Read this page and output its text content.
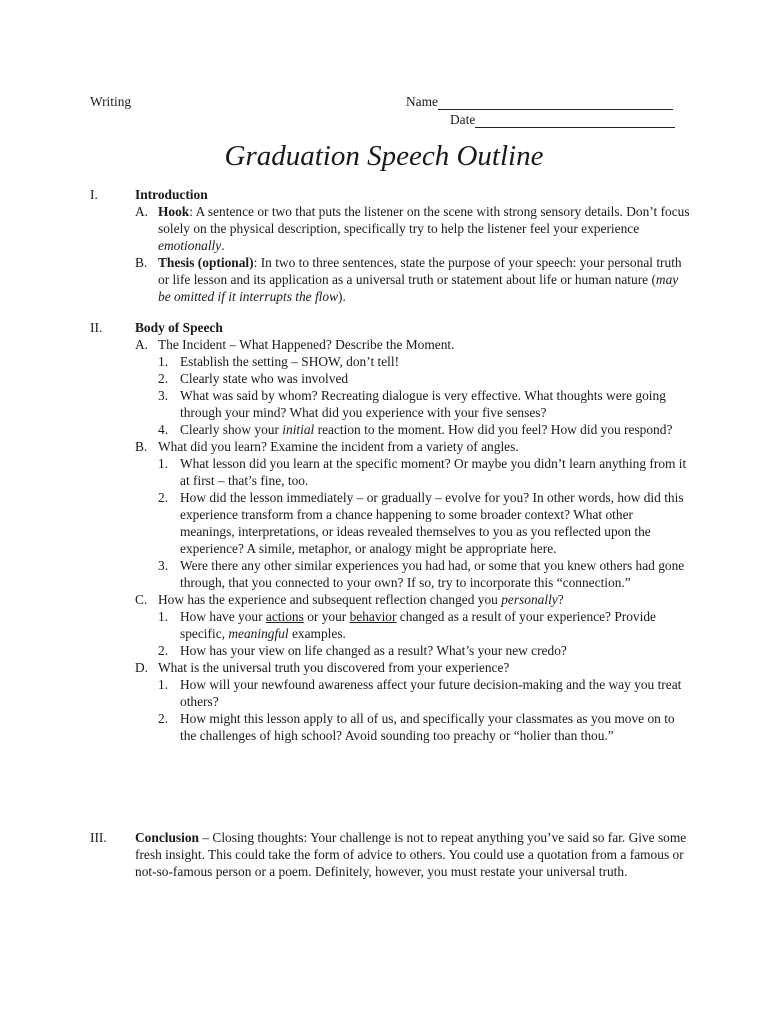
Writing	Name
Date
Graduation Speech Outline
I.	Introduction
A. Hook: A sentence or two that puts the listener on the scene with strong sensory details. Don’t focus solely on the physical description, specifically try to help the listener feel your experience emotionally.
B. Thesis (optional): In two to three sentences, state the purpose of your speech: your personal truth or life lesson and its application as a universal truth or statement about life or human nature (may be omitted if it interrupts the flow).
II. Body of Speech
A. The Incident – What Happened? Describe the Moment.
1. Establish the setting – SHOW, don’t tell!
2. Clearly state who was involved
3. What was said by whom? Recreating dialogue is very effective. What thoughts were going through your mind? What did you experience with your five senses?
4. Clearly show your initial reaction to the moment. How did you feel? How did you respond?
B. What did you learn? Examine the incident from a variety of angles.
1. What lesson did you learn at the specific moment? Or maybe you didn’t learn anything from it at first – that’s fine, too.
2. How did the lesson immediately – or gradually – evolve for you? In other words, how did this experience transform from a chance happening to some broader context? What other meanings, interpretations, or ideas revealed themselves to you as you reflected upon the experience? A simile, metaphor, or analogy might be appropriate here.
3. Were there any other similar experiences you had had, or some that you knew others had gone through, that you connected to your own? If so, try to incorporate this “connection.”
C. How has the experience and subsequent reflection changed you personally?
1. How have your actions or your behavior changed as a result of your experience? Provide specific, meaningful examples.
2. How has your view on life changed as a result? What’s your new credo?
D. What is the universal truth you discovered from your experience?
1. How will your newfound awareness affect your future decision-making and the way you treat others?
2. How might this lesson apply to all of us, and specifically your classmates as you move on to the challenges of high school? Avoid sounding too preachy or “holier than thou.”
III. Conclusion – Closing thoughts: Your challenge is not to repeat anything you’ve said so far. Give some fresh insight. This could take the form of advice to others. You could use a quotation from a famous or not-so-famous person or a poem. Definitely, however, you must restate your universal truth.
